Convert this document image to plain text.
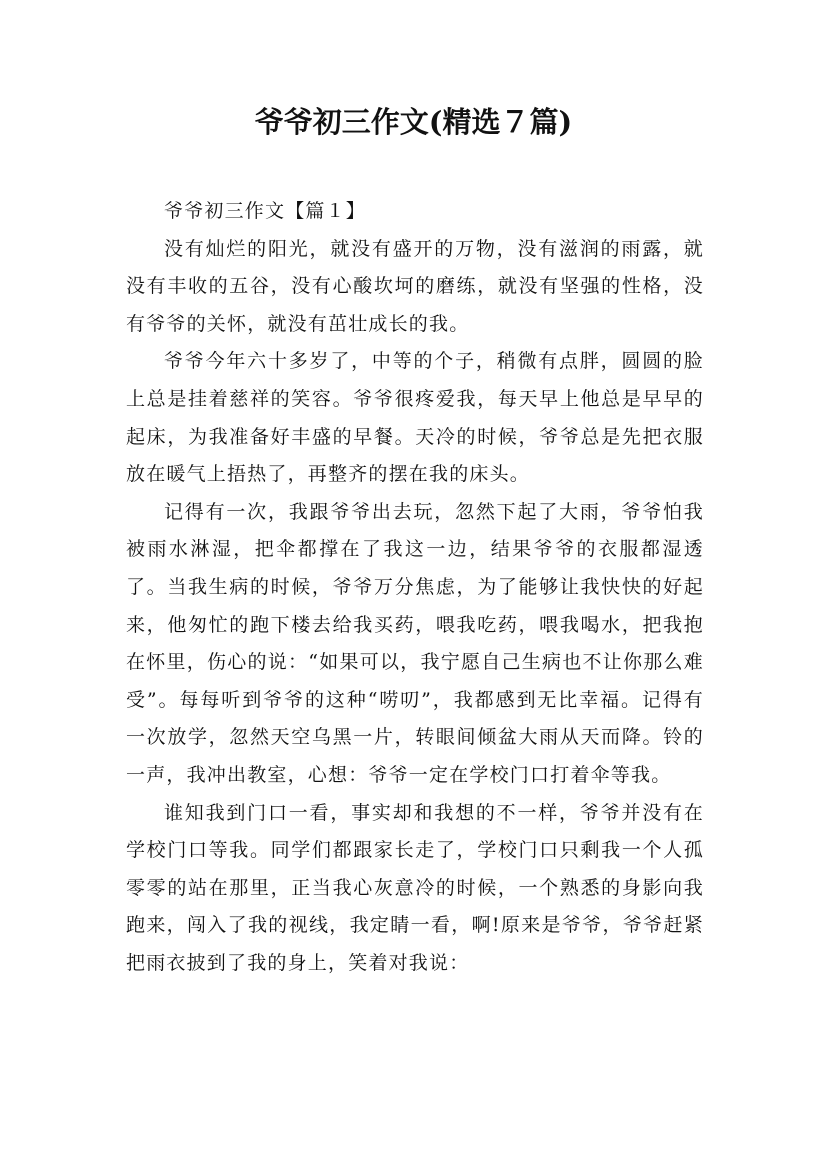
爷爷初三作文(精选７篇)

爷爷初三作文【篇１】

没有灿烂的阳光，就没有盛开的万物，没有滋润的雨露，就没有丰收的五谷，没有心酸坎坷的磨练，就没有坚强的性格，没有爷爷的关怀，就没有茁壮成长的我。

爷爷今年六十多岁了，中等的个子，稍微有点胖，圆圆的脸上总是挂着慈祥的笑容。爷爷很疼爱我，每天早上他总是早早的起床，为我准备好丰盛的早餐。天冷的时候，爷爷总是先把衣服放在暖气上捂热了，再整齐的摆在我的床头。

记得有一次，我跟爷爷出去玩，忽然下起了大雨，爷爷怕我被雨水淋湿，把伞都撑在了我这一边，结果爷爷的衣服都湿透了。当我生病的时候，爷爷万分焦虑，为了能够让我快快的好起来，他匆忙的跑下楼去给我买药，喂我吃药，喂我喝水，把我抱在怀里，伤心的说：“如果可以，我宁愿自己生病也不让你那么难受”。每每听到爷爷的这种“唠叨”，我都感到无比幸福。记得有一次放学，忽然天空乌黑一片，转眼间倾盆大雨从天而降。铃的一声，我冲出教室，心想：爷爷一定在学校门口打着伞等我。

谁知我到门口一看，事实却和我想的不一样，爷爷并没有在学校门口等我。同学们都跟家长走了，学校门口只剩我一个人孤零零的站在那里，正当我心灰意冷的时候，一个熟悉的身影向我跑来，闯入了我的视线，我定睛一看，啊!原来是爷爷，爷爷赶紧把雨衣披到了我的身上，笑着对我说：
